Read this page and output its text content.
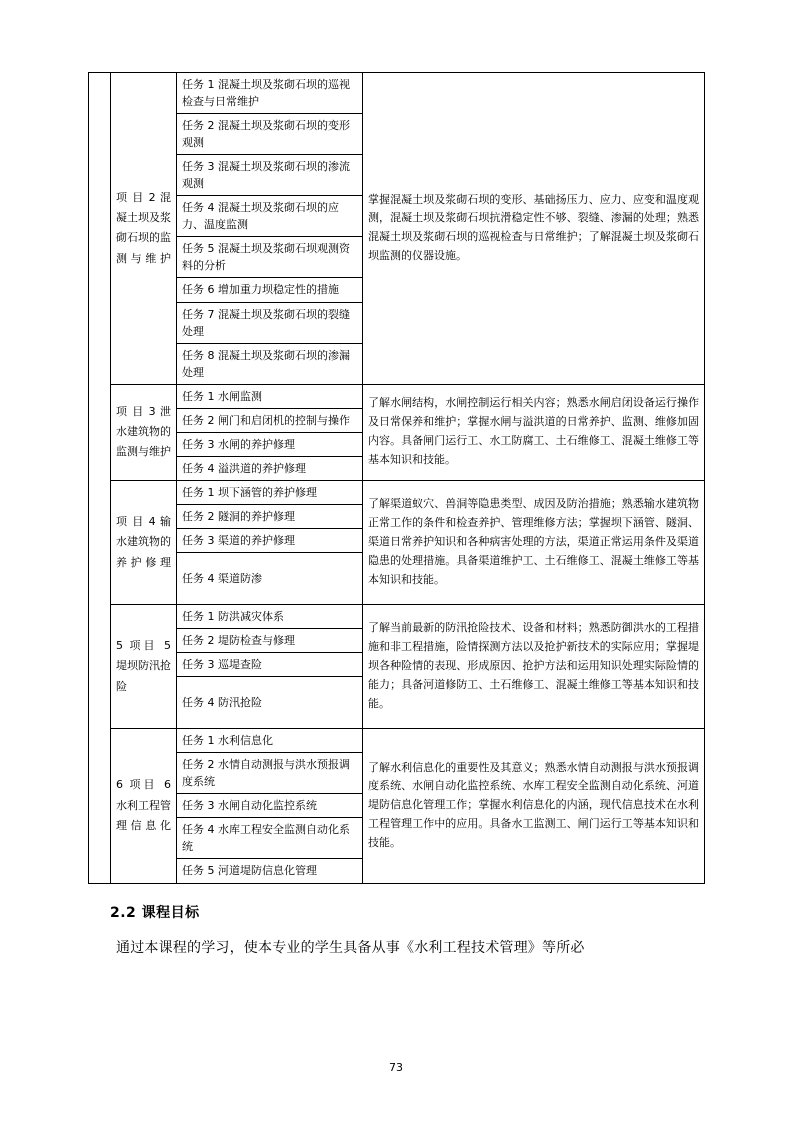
	项 目 2 混凝土坝及浆砌石坝的监测与维护	任务 1 混凝土坝及浆砌石坝的巡视检查与日常维护	掌握混凝土坝及浆砌石坝的变形、基础扬压力、应力、应变和温度观测，混凝土坝及浆砌石坝抗滑稳定性不够、裂缝、渗漏的处理；熟悉混凝土坝及浆砌石坝的巡视检查与日常维护；了解混凝土坝及浆砌石坝监测的仪器设施。

		任务 2 混凝土坝及浆砌石坝的变形观测	
		任务 3 混凝土坝及浆砌石坝的渗流观测	
		任务 4 混凝土坝及浆砌石坝的应力、温度监测	
		任务 5 混凝土坝及浆砌石坝观测资料的分析	
		任务 6 增加重力坝稳定性的措施	
		任务 7 混凝土坝及浆砌石坝的裂缝处理	
		任务 8 混凝土坝及浆砌石坝的渗漏处理	

	项 目 3 泄水建筑物的监测与维护	任务 1 水闸监测	了解水闸结构，水闸控制运行相关内容；熟悉水闸启闭设备运行操作及日常保养和维护；掌握水闸与溢洪道的日常养护、监测、维修加固内容。具备闸门运行工、水工防腐工、土石维修工、混凝土维修工等基本知识和技能。

		任务 2 闸门和启闭机的控制与操作	
		任务 3 水闸的养护修理	
		任务 4 溢洪道的养护修理	

	项 目 4 输水建筑物的养护修理	任务 1 坝下涵管的养护修理	了解渠道蚁穴、兽洞等隐患类型、成因及防治措施；熟悉输水建筑物正常工作的条件和检查养护、管理维修方法；掌握坝下涵管、隧洞、渠道日常养护知识和各种病害处理的方法，渠道正常运用条件及渠道隐患的处理措施。具备渠道维护工、土石维修工、混凝土维修工等基本知识和技能。

		任务 2 隧洞的养护修理	
		任务 3 渠道的养护修理	
		任务 4 渠道防渗	

	5 项目 5 堤坝防汛抢险	任务 1 防洪减灾体系	了解当前最新的防汛抢险技术、设备和材料；熟悉防御洪水的工程措施和非工程措施，险情探测方法以及抢护新技术的实际应用；掌握堤坝各种险情的表现、形成原因、抢护方法和运用知识处理实际险情的能力；具备河道修防工、土石维修工、混凝土维修工等基本知识和技能。

		任务 2 堤防检查与修理	
		任务 3 巡堤查险	
		任务 4 防汛抢险	

	6 项目 6 水利工程管理信息化	任务 1 水利信息化	了解水利信息化的重要性及其意义；熟悉水情自动测报与洪水预报调度系统、水闸自动化监控系统、水库工程安全监测自动化系统、河道堤防信息化管理工作；掌握水利信息化的内涵，现代信息技术在水利工程管理工作中的应用。具备水工监测工、闸门运行工等基本知识和技能。

		任务 2 水情自动测报与洪水预报调度系统	
		任务 3 水闸自动化监控系统	
		任务 4 水库工程安全监测自动化系统	
		任务 5 河道堤防信息化管理	
2.2 课程目标

通过本课程的学习，使本专业的学生具备从事《水利工程技术管理》等所必

73
